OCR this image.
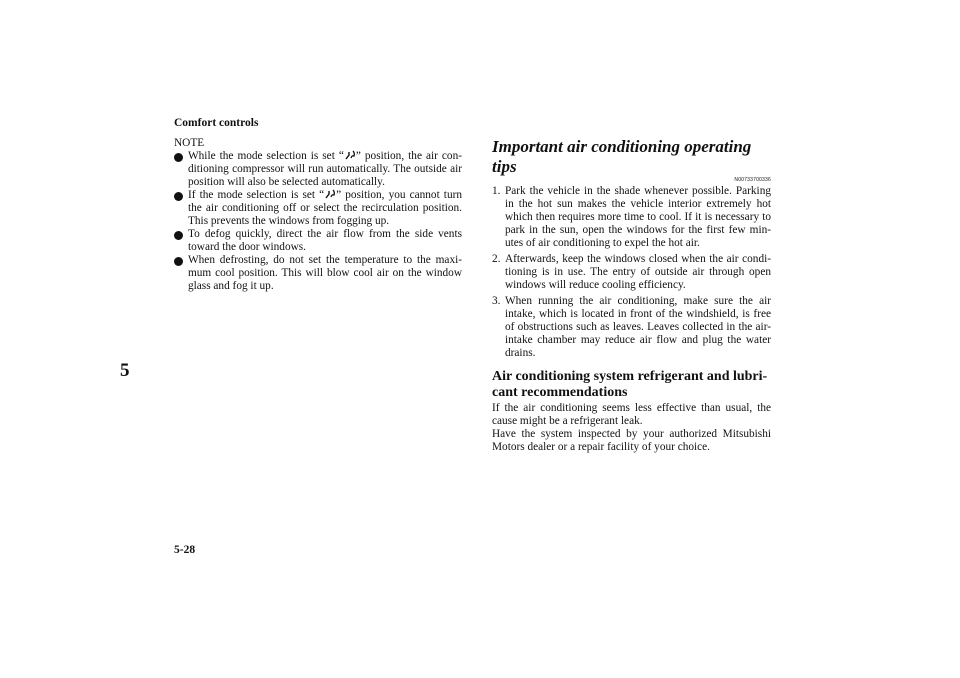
Comfort controls
5
NOTE
While the mode selection is set “ ” position, the air con-ditioning compressor will run automatically. The outside air position will also be selected automatically.
If the mode selection is set “ ” position, you cannot turn the air conditioning off or select the recirculation position. This prevents the windows from fogging up.
To defog quickly, direct the air flow from the side vents toward the door windows.
When defrosting, do not set the temperature to the maxi-mum cool position. This will blow cool air on the window glass and fog it up.
Important air conditioning operating tips
N00733700336
1. Park the vehicle in the shade whenever possible. Parking in the hot sun makes the vehicle interior extremely hot which then requires more time to cool. If it is necessary to park in the sun, open the windows for the first few min-utes of air conditioning to expel the hot air.
2. Afterwards, keep the windows closed when the air condi-tioning is in use. The entry of outside air through open windows will reduce cooling efficiency.
3. When running the air conditioning, make sure the air intake, which is located in front of the windshield, is free of obstructions such as leaves. Leaves collected in the air-intake chamber may reduce air flow and plug the water drains.
Air conditioning system refrigerant and lubri-cant recommendations
If the air conditioning seems less effective than usual, the cause might be a refrigerant leak.
Have the system inspected by your authorized Mitsubishi Motors dealer or a repair facility of your choice.
5-28
